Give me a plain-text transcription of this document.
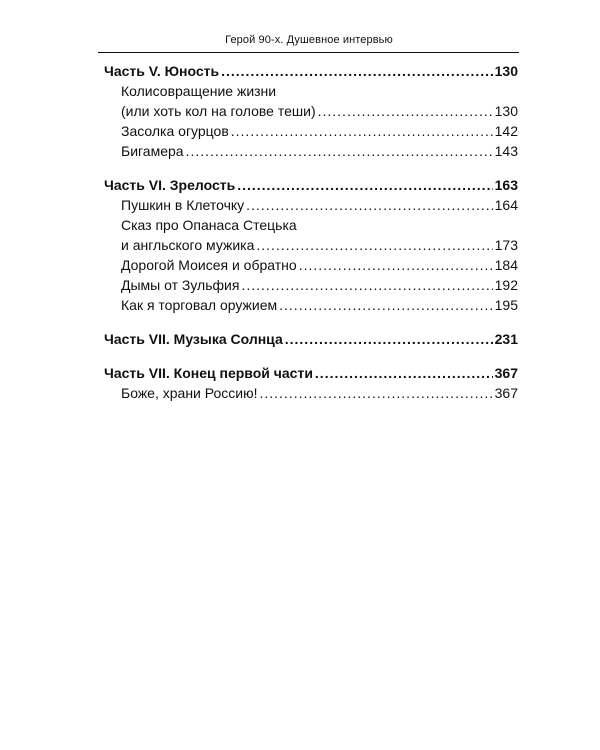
Герой 90-х. Душевное интервью
Часть V. Юность .....	130
Колисовращение жизни
(или хоть кол на голове теши) .....	130
Засолка огурцов .....	142
Бигамера .....	143
Часть VI. Зрелость .....	163
Пушкин в Клеточку .....	164
Сказ про Опанаса Стецька
и англьского мужика .....	173
Дорогой Моисея и обратно .....	184
Дымы от Зульфия .....	192
Как я торговал оружием .....	195
Часть VII. Музыка Солнца .....	231
Часть VII. Конец первой части .....	367
Боже, храни Россию! .....	367
